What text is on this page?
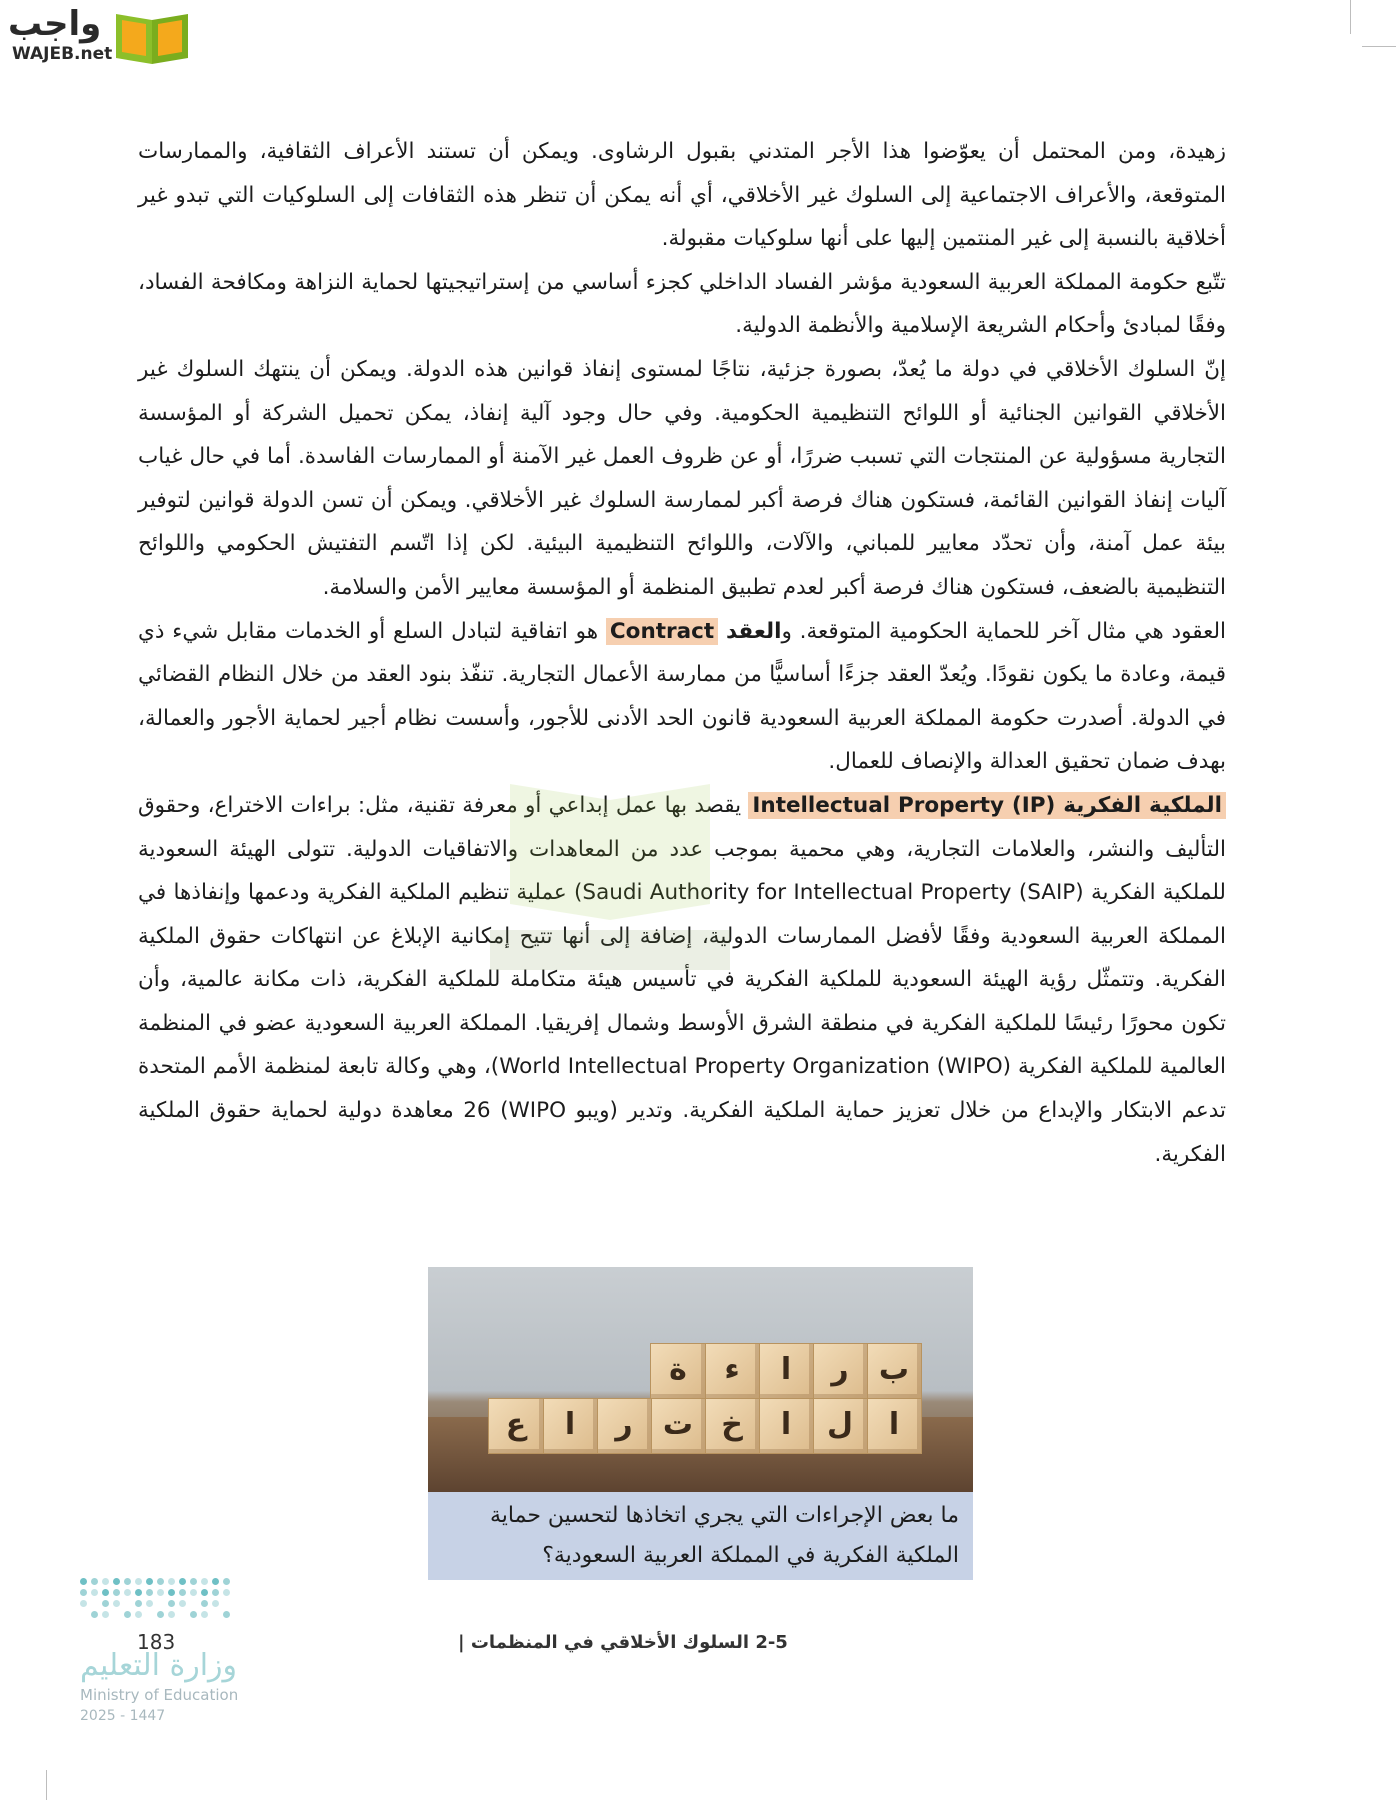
واجب
WAJEB.net

زهيدة، ومن المحتمل أن يعوّضوا هذا الأجر المتدني بقبول الرشاوى. ويمكن أن تستند الأعراف الثقافية، والممارسات المتوقعة، والأعراف الاجتماعية إلى السلوك غير الأخلاقي، أي أنه يمكن أن تنظر هذه الثقافات إلى السلوكيات التي تبدو غير أخلاقية بالنسبة إلى غير المنتمين إليها على أنها سلوكيات مقبولة.

تتّبع حكومة المملكة العربية السعودية مؤشر الفساد الداخلي كجزء أساسي من إستراتيجيتها لحماية النزاهة ومكافحة الفساد، وفقًا لمبادئ وأحكام الشريعة الإسلامية والأنظمة الدولية.

إنّ السلوك الأخلاقي في دولة ما يُعدّ، بصورة جزئية، نتاجًا لمستوى إنفاذ قوانين هذه الدولة. ويمكن أن ينتهك السلوك غير الأخلاقي القوانين الجنائية أو اللوائح التنظيمية الحكومية. وفي حال وجود آلية إنفاذ، يمكن تحميل الشركة أو المؤسسة التجارية مسؤولية عن المنتجات التي تسبب ضررًا، أو عن ظروف العمل غير الآمنة أو الممارسات الفاسدة. أما في حال غياب آليات إنفاذ القوانين القائمة، فستكون هناك فرصة أكبر لممارسة السلوك غير الأخلاقي. ويمكن أن تسن الدولة قوانين لتوفير بيئة عمل آمنة، وأن تحدّد معايير للمباني، والآلات، واللوائح التنظيمية البيئية. لكن إذا اتّسم التفتيش الحكومي واللوائح التنظيمية بالضعف، فستكون هناك فرصة أكبر لعدم تطبيق المنظمة أو المؤسسة معايير الأمن والسلامة.

العقود هي مثال آخر للحماية الحكومية المتوقعة. والعقد Contract هو اتفاقية لتبادل السلع أو الخدمات مقابل شيء ذي قيمة، وعادة ما يكون نقودًا. ويُعدّ العقد جزءًا أساسيًّا من ممارسة الأعمال التجارية. تنفّذ بنود العقد من خلال النظام القضائي في الدولة. أصدرت حكومة المملكة العربية السعودية قانون الحد الأدنى للأجور، وأسست نظام أجير لحماية الأجور والعمالة، بهدف ضمان تحقيق العدالة والإنصاف للعمال.

الملكية الفكرية Intellectual Property (IP) يقصد بها عمل إبداعي أو معرفة تقنية، مثل: براءات الاختراع، وحقوق التأليف والنشر، والعلامات التجارية، وهي محمية بموجب عدد من المعاهدات والاتفاقيات الدولية. تتولى الهيئة السعودية للملكية الفكرية (Saudi Authority for Intellectual Property (SAIP) عملية تنظيم الملكية الفكرية ودعمها وإنفاذها في المملكة العربية السعودية وفقًا لأفضل الممارسات الدولية، إضافة إلى أنها تتيح إمكانية الإبلاغ عن انتهاكات حقوق الملكية الفكرية. وتتمثّل رؤية الهيئة السعودية للملكية الفكرية في تأسيس هيئة متكاملة للملكية الفكرية، ذات مكانة عالمية، وأن تكون محورًا رئيسًا للملكية الفكرية في منطقة الشرق الأوسط وشمال إفريقيا. المملكة العربية السعودية عضو في المنظمة العالمية للملكية الفكرية (World Intellectual Property Organization (WIPO)، وهي وكالة تابعة لمنظمة الأمم المتحدة تدعم الابتكار والإبداع من خلال تعزيز حماية الملكية الفكرية. وتدير (ويبو WIPO) 26 معاهدة دولية لحماية حقوق الملكية الفكرية.

ب
ر
ا
ء
ة
ا
ل
ا
خ
ت
ر
ا
ع
ما بعض الإجراءات التي يجري اتخاذها لتحسين حماية الملكية الفكرية في المملكة العربية السعودية؟
183	2-5 السلوك الأخلاقي في المنظمات |
وزارة التعليم
Ministry of Education
2025 - 1447
